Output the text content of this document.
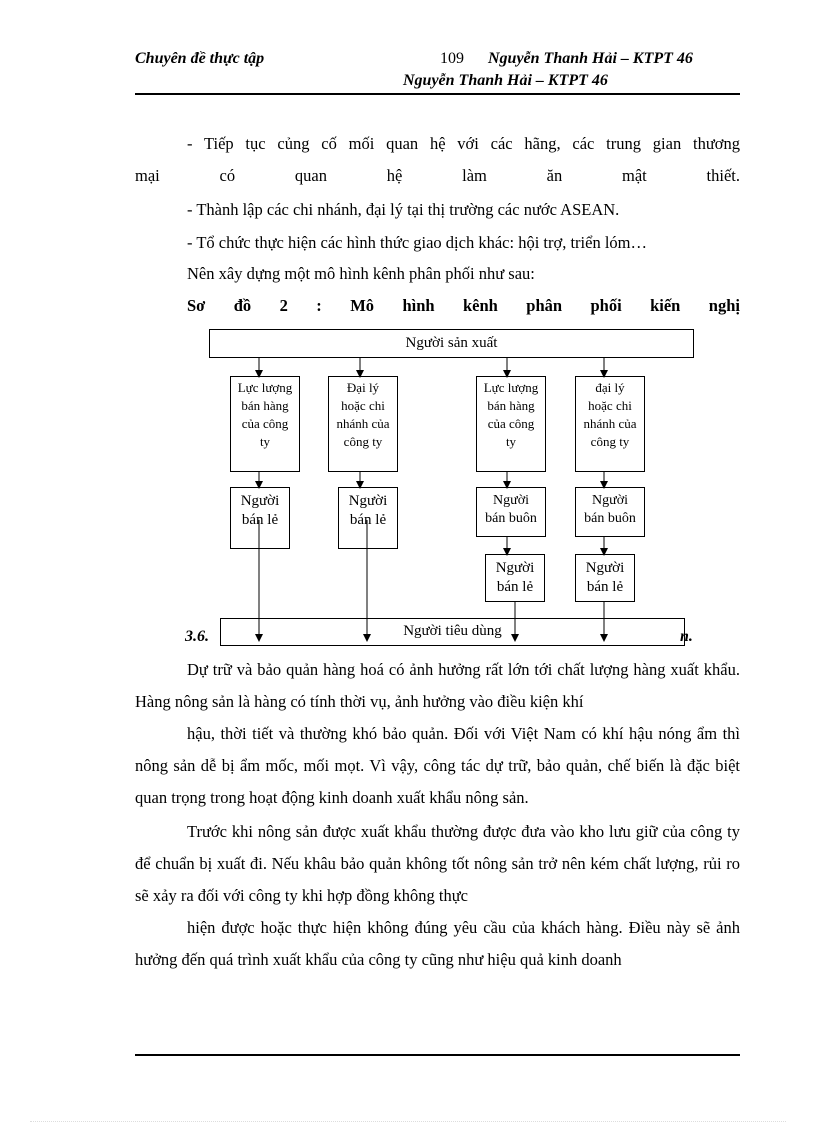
Chuyên đề thực tập	109 Nguyễn Thanh Hải – KTPT 46
Nguyễn Thanh Hải – KTPT 46
- Tiếp tục củng cố mối quan hệ với các hãng, các trung gian thương
mại	có	quan	hệ	làm	ăn	mật	thiết.
- Thành lập các chi nhánh, đại lý tại thị trường các nước ASEAN.
- Tổ chức thực hiện các hình thức giao dịch khác: hội trợ, triển lóm…
Nên xây dựng một mô hình kênh phân phối như sau:
Sơ đồ 2 : Mô hình kênh phân phối kiến nghị
3.6.	n.
Người sản xuất
Lực lượng
bán hàng
của công
ty
Đại lý
hoặc chi
nhánh của
công ty
Lực lượng
bán hàng
của công
ty
đại lý
hoặc chi
nhánh của
công ty
Người
bán lẻ
Người
bán lẻ
Người
bán buôn
Người
bán buôn
Người
bán lẻ
Người
bán lẻ
Người tiêu dùng
Dự trữ và bảo quản hàng hoá có ảnh hưởng rất lớn tới chất lượng hàng xuất khẩu. Hàng nông sản là hàng có tính thời vụ, ảnh hưởng vào điều kiện khí
hậu, thời tiết và thường khó bảo quản. Đối với Việt Nam có khí hậu nóng ẩm thì nông sản dễ bị ẩm mốc, mối mọt. Vì vậy, công tác dự trữ, bảo quản, chế biến là đặc biệt quan trọng trong hoạt động kinh doanh xuất khẩu nông sản.
Trước khi nông sản được xuất khẩu thường được đưa vào kho lưu giữ của công ty để chuẩn bị xuất đi. Nếu khâu bảo quản không tốt nông sản trở nên kém chất lượng, rủi ro sẽ xảy ra đối với công ty khi hợp đồng không thực
hiện được hoặc thực hiện không đúng yêu cầu của khách hàng. Điều này sẽ ảnh hưởng đến quá trình xuất khẩu của công ty cũng như hiệu quả kinh doanh
